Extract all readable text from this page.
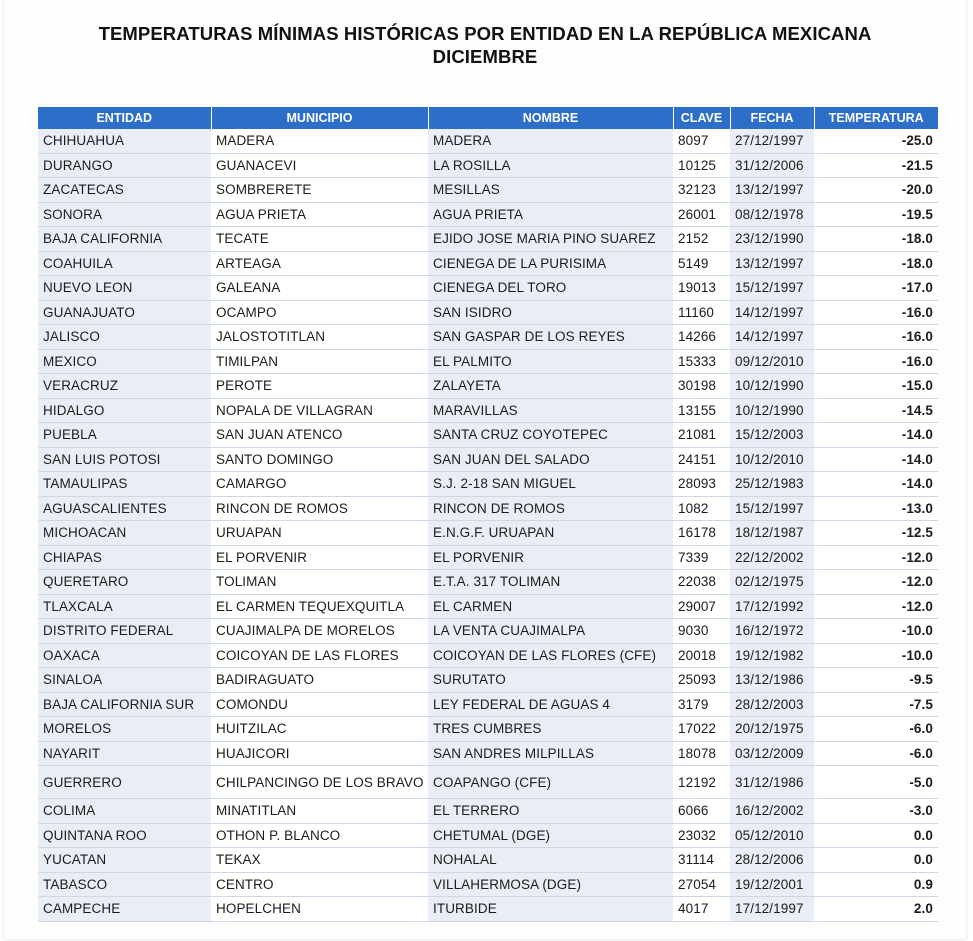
TEMPERATURAS MÍNIMAS HISTÓRICAS POR ENTIDAD EN LA REPÚBLICA MEXICANA
DICIEMBRE
ENTIDAD	MUNICIPIO	NOMBRE	CLAVE	FECHA	TEMPERATURA
CHIHUAHUA	MADERA	MADERA	8097	27/12/1997	-25.0
DURANGO	GUANACEVI	LA ROSILLA	10125	31/12/2006	-21.5
ZACATECAS	SOMBRERETE	MESILLAS	32123	13/12/1997	-20.0
SONORA	AGUA PRIETA	AGUA PRIETA	26001	08/12/1978	-19.5
BAJA CALIFORNIA	TECATE	EJIDO JOSE MARIA PINO SUAREZ	2152	23/12/1990	-18.0
COAHUILA	ARTEAGA	CIENEGA DE LA PURISIMA	5149	13/12/1997	-18.0
NUEVO LEON	GALEANA	CIENEGA DEL TORO	19013	15/12/1997	-17.0
GUANAJUATO	OCAMPO	SAN ISIDRO	11160	14/12/1997	-16.0
JALISCO	JALOSTOTITLAN	SAN GASPAR DE LOS REYES	14266	14/12/1997	-16.0
MEXICO	TIMILPAN	EL PALMITO	15333	09/12/2010	-16.0
VERACRUZ	PEROTE	ZALAYETA	30198	10/12/1990	-15.0
HIDALGO	NOPALA DE VILLAGRAN	MARAVILLAS	13155	10/12/1990	-14.5
PUEBLA	SAN JUAN ATENCO	SANTA CRUZ COYOTEPEC	21081	15/12/2003	-14.0
SAN LUIS POTOSI	SANTO DOMINGO	SAN JUAN DEL SALADO	24151	10/12/2010	-14.0
TAMAULIPAS	CAMARGO	S.J. 2-18 SAN MIGUEL	28093	25/12/1983	-14.0
AGUASCALIENTES	RINCON DE ROMOS	RINCON DE ROMOS	1082	15/12/1997	-13.0
MICHOACAN	URUAPAN	E.N.G.F. URUAPAN	16178	18/12/1987	-12.5
CHIAPAS	EL PORVENIR	EL PORVENIR	7339	22/12/2002	-12.0
QUERETARO	TOLIMAN	E.T.A. 317 TOLIMAN	22038	02/12/1975	-12.0
TLAXCALA	EL CARMEN TEQUEXQUITLA	EL CARMEN	29007	17/12/1992	-12.0
DISTRITO FEDERAL	CUAJIMALPA DE MORELOS	LA VENTA CUAJIMALPA	9030	16/12/1972	-10.0
OAXACA	COICOYAN DE LAS FLORES	COICOYAN DE LAS FLORES (CFE)	20018	19/12/1982	-10.0
SINALOA	BADIRAGUATO	SURUTATO	25093	13/12/1986	-9.5
BAJA CALIFORNIA SUR	COMONDU	LEY FEDERAL DE AGUAS 4	3179	28/12/2003	-7.5
MORELOS	HUITZILAC	TRES CUMBRES	17022	20/12/1975	-6.0
NAYARIT	HUAJICORI	SAN ANDRES MILPILLAS	18078	03/12/2009	-6.0
GUERRERO	CHILPANCINGO DE LOS BRAVO	COAPANGO (CFE)	12192	31/12/1986	-5.0
COLIMA	MINATITLAN	EL TERRERO	6066	16/12/2002	-3.0
QUINTANA ROO	OTHON P. BLANCO	CHETUMAL (DGE)	23032	05/12/2010	0.0
YUCATAN	TEKAX	NOHALAL	31114	28/12/2006	0.0
TABASCO	CENTRO	VILLAHERMOSA (DGE)	27054	19/12/2001	0.9
CAMPECHE	HOPELCHEN	ITURBIDE	4017	17/12/1997	2.0
